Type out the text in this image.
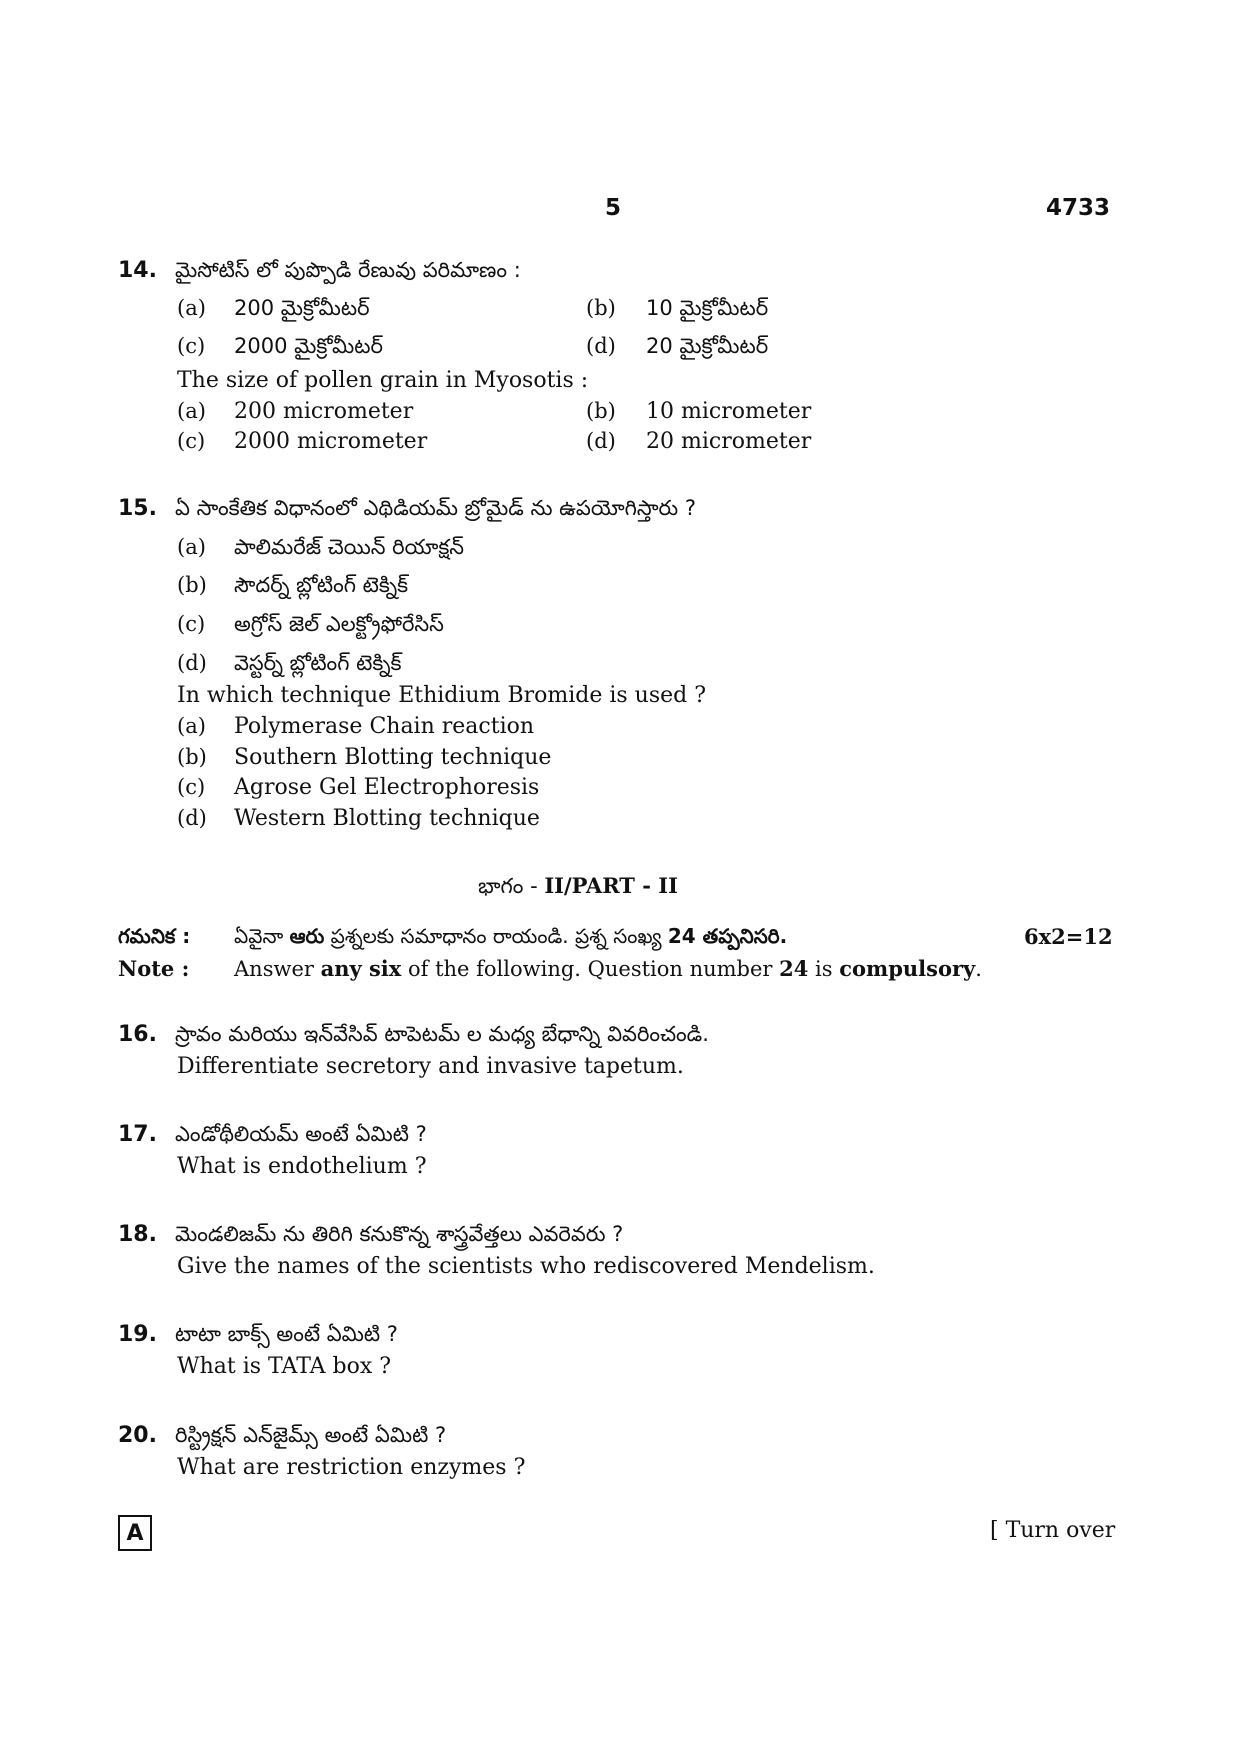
5	4733
14. మైసోటిస్ లో పుప్పొడి రేణువు పరిమాణం :
(a) 200 మైక్రోమీటర్	(b) 10 మైక్రోమీటర్
(c) 2000 మైక్రోమీటర్	(d) 20 మైక్రోమీటర్
The size of pollen grain in Myosotis :
(a) 200 micrometer	(b) 10 micrometer
(c) 2000 micrometer	(d) 20 micrometer
15. ఏ సాంకేతిక విధానంలో ఎథిడియమ్ బ్రోమైడ్ ను ఉపయోగిస్తారు ?
(a) పాలిమరేజ్ చెయిన్ రియాక్షన్
(b) సౌదర్న్ బ్లోటింగ్ టెక్నిక్
(c) అగ్రోస్ జెల్ ఎలక్ట్రోఫోరేసిస్
(d) వెస్టర్న్ బ్లోటింగ్ టెక్నిక్
In which technique Ethidium Bromide is used ?
(a) Polymerase Chain reaction
(b) Southern Blotting technique
(c) Agrose Gel Electrophoresis
(d) Western Blotting technique
భాగం - II/PART - II
గమనిక : ఏవైనా ఆరు ప్రశ్నలకు సమాధానం రాయండి. ప్రశ్న సంఖ్య 24 తప్పనిసరి.	6x2=12
Note : Answer any six of the following. Question number 24 is compulsory.
16. స్రావం మరియు ఇన్‌వేసివ్ టాపెటమ్ ల మధ్య బేధాన్ని వివరించండి.
Differentiate secretory and invasive tapetum.
17. ఎండోథీలియమ్ అంటే ఏమిటి ?
What is endothelium ?
18. మెండలిజమ్ ను తిరిగి కనుకొన్న శాస్త్రవేత్తలు ఎవరెవరు ?
Give the names of the scientists who rediscovered Mendelism.
19. టాటా బాక్స్ అంటే ఏమిటి ?
What is TATA box ?
20. రిస్ట్రిక్షన్ ఎన్‌జైమ్స్ అంటే ఏమిటి ?
What are restriction enzymes ?
A	[ Turn over
